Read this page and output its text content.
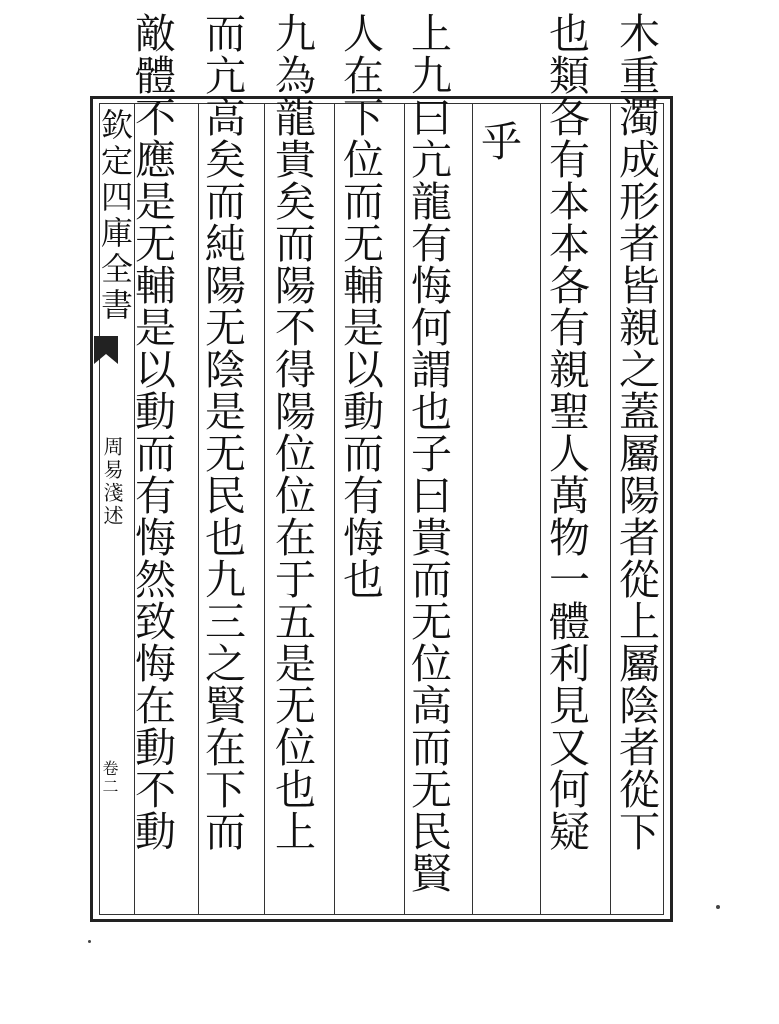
欽定四庫全書
周易淺述
卷二	木重濁成形者皆親之蓋屬陽者從上屬陰者從下
也類各有本本各有親聖人萬物一體利見又何疑
乎
上九曰亢龍有悔何謂也子曰貴而无位高而无民賢
人在下位而无輔是以動而有悔也
九為龍貴矣而陽不得陽位位在于五是无位也上
而亢高矣而純陽无陰是无民也九三之賢在下而
敵體不應是无輔是以動而有悔然致悔在動不動
